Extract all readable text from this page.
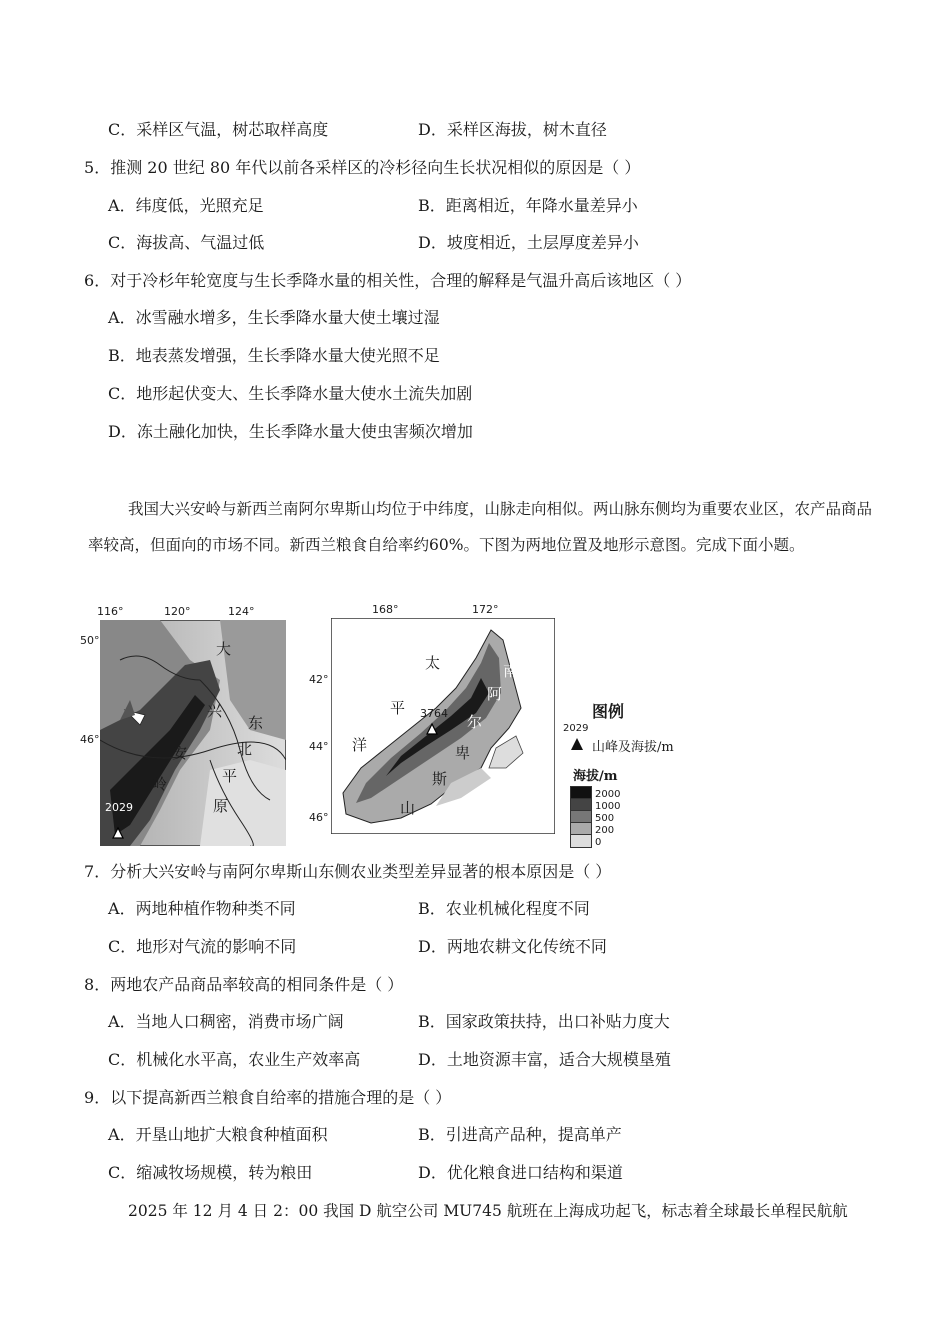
C．采样区气温，树芯取样高度	D．采样区海拔，树木直径
5．推测 20 世纪 80 年代以前各采样区的冷杉径向生长状况相似的原因是（ ）
A．纬度低，光照充足	B．距离相近，年降水量差异小
C．海拔高、气温过低	D．坡度相近，土层厚度差异小
6．对于冷杉年轮宽度与生长季降水量的相关性，合理的解释是气温升高后该地区（ ）
A．冰雪融水增多，生长季降水量大使土壤过湿
B．地表蒸发增强，生长季降水量大使光照不足
C．地形起伏变大、生长季降水量大使水土流失加剧
D．冻土融化加快，生长季降水量大使虫害频次增加
我国大兴安岭与新西兰南阿尔卑斯山均位于中纬度，山脉走向相似。两山脉东侧均为重要农业区，农产品商品率较高，但面向的市场不同。新西兰粮食自给率约60%。下图为两地位置及地形示意图。完成下面小题。
116°	120°	124°
50°
46°
2029
大
兴
安
岭
东
北
平
原
168°	172°
42°
44°
46°
3764
太
平
洋
南
阿
尔
卑
斯
山
图例
2029
山峰及海拔/m
海拔/m
2000
1000
500
200
0
7．分析大兴安岭与南阿尔卑斯山东侧农业类型差异显著的根本原因是（ ）
A．两地种植作物种类不同	B．农业机械化程度不同
C．地形对气流的影响不同	D．两地农耕文化传统不同
8．两地农产品商品率较高的相同条件是（ ）
A．当地人口稠密，消费市场广阔	B．国家政策扶持，出口补贴力度大
C．机械化水平高，农业生产效率高	D．土地资源丰富，适合大规模垦殖
9．以下提高新西兰粮食自给率的措施合理的是（ ）
A．开垦山地扩大粮食种植面积	B．引进高产品种，提高单产
C．缩减牧场规模，转为粮田	D．优化粮食进口结构和渠道
2025 年 12 月 4 日 2：00 我国 D 航空公司 MU745 航班在上海成功起飞，标志着全球最长单程民航航
